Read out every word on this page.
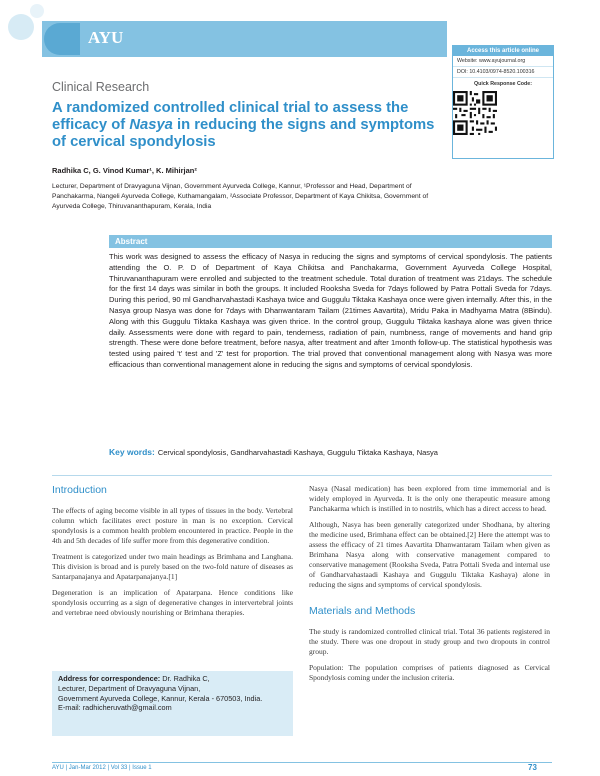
AYU
Access this article online
Website: www.ayujournal.org
DOI: 10.4103/0974-8520.100316
Quick Response Code:
Clinical Research
A randomized controlled clinical trial to assess the efficacy of Nasya in reducing the signs and symptoms of cervical spondylosis
Radhika C, G. Vinod Kumar¹, K. Mihirjan²
Lecturer, Department of Dravyaguna Vijnan, Government Ayurveda College, Kannur, ¹Professor and Head, Department of Panchakarma, Nangeli Ayurveda College, Kuthamangalam, ²Associate Professor, Department of Kaya Chikitsa, Government of Ayurveda College, Thiruvananthapuram, Kerala, India
Abstract
This work was designed to assess the efficacy of Nasya in reducing the signs and symptoms of cervical spondylosis. The patients attending the O. P. D of Department of Kaya Chikitsa and Panchakarma, Government Ayurveda College Hospital, Thiruvananthapuram were enrolled and subjected to the treatment schedule. Total duration of treatment was 21days. The schedule for the first 14 days was similar in both the groups. It included Rooksha Sveda for 7days followed by Patra Pottali Sveda for 7days. During this period, 90 ml Gandharvahastadi Kashaya twice and Guggulu Tiktaka Kashaya once were given internally. After this, in the Nasya group Nasya was done for 7days with Dhanwantaram Tailam (21times Aavartita), Mridu Paka in Madhyama Matra (8Bindu). Along with this Guggulu Tiktaka Kashaya was given thrice. In the control group, Guggulu Tiktaka kashaya alone was given thrice daily. Assessments were done with regard to pain, tenderness, radiation of pain, numbness, range of movements and hand grip strength. These were done before treatment, before nasya, after treatment and after 1month follow-up. The statistical hypothesis was tested using paired 't' test and 'Z' test for proportion. The trial proved that conventional management along with Nasya was more efficacious than conventional management alone in reducing the signs and symptoms of cervical spondylosis.
Key words: Cervical spondylosis, Gandharvahastadi Kashaya, Guggulu Tiktaka Kashaya, Nasya
Introduction

The effects of aging become visible in all types of tissues in the body. Vertebral column which facilitates erect posture in man is no exception. Cervical spondylosis is a common health problem encountered in practice. People in the 4th and 5th decades of life suffer more from this degenerative condition.

Treatment is categorized under two main headings as Brimhana and Langhana. This division is broad and is purely based on the two-fold nature of diseases as Santarpanajanya and Apatarpanajanya.[1]

Degeneration is an implication of Apatarpana. Hence conditions like spondylosis occurring as a sign of degenerative changes in intervertebral joints and vertebrae need obviously nourishing or Brimhana therapies.

Address for correspondence: Dr. Radhika C,
Lecturer, Department of Dravyaguna Vijnan,
Government Ayurveda College, Kannur, Kerala - 670503, India.
E-mail: radhicheruvath@gmail.com

Nasya (Nasal medication) has been explored from time immemorial and is widely employed in Ayurveda. It is the only one therapeutic measure among Panchakarma which is instilled in to nostrils, which has a direct access to head.

Although, Nasya has been generally categorized under Shodhana, by altering the medicine used, Brimhana effect can be obtained.[2] Here the attempt was to assess the efficacy of 21 times Aavartita Dhanwantaram Tailam when given as Brimhana Nasya along with conservative management compared to conservative management (Rooksha Sveda, Patra Pottali Sveda and internal use of Gandharvahastaadi Kashaya and Guggulu Tiktaka Kashaya) alone in reducing the signs and symptoms of cervical spondylosis.

Materials and Methods

The study is randomized controlled clinical trial. Total 36 patients registered in the study. There was one dropout in study group and two dropouts in control group.

Population: The population comprises of patients diagnosed as Cervical Spondylosis coming under the inclusion criteria.

AYU | Jan-Mar 2012 | Vol 33 | Issue 1	73
